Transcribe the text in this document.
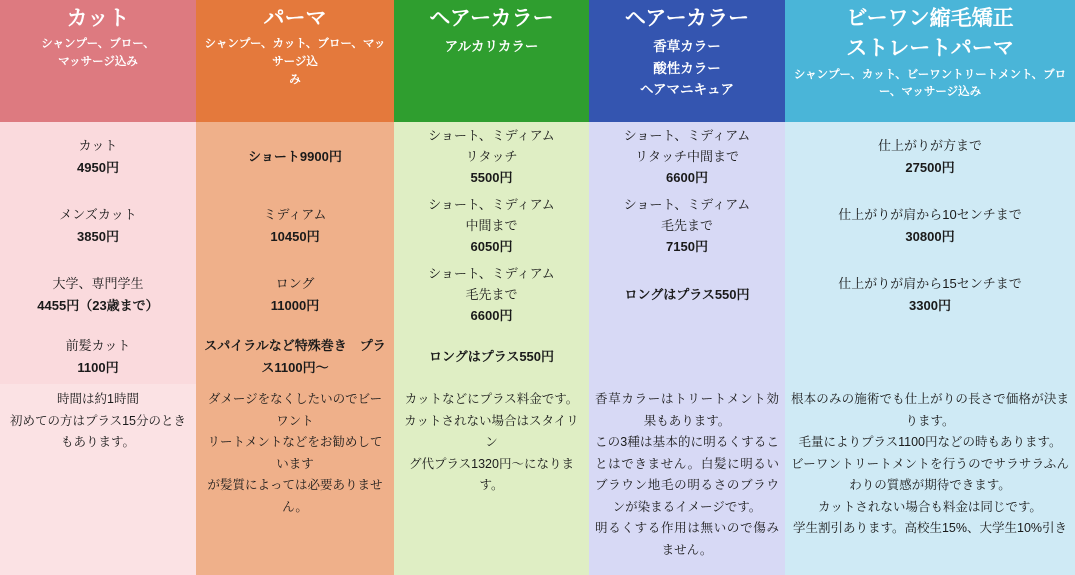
カット
シャンプー、ブロー、
マッサージ込み
パーマ
シャンプー、カット、ブロー、マッサージ込
み
ヘアーカラー
アルカリカラー
ヘアーカラー
香草カラー
酸性カラー
ヘアマニキュア
ビーワン縮毛矯正
ストレートパーマ
シャンプー、カット、ビーワントリートメント、ブロ
ー、マッサージ込み
カット
4950円
ショート9900円
ショート、ミディアム
リタッチ
5500円
ショート、ミディアム
リタッチ中間まで
6600円
仕上がりが方まで
27500円
メンズカット
3850円
ミディアム
10450円
ショート、ミディアム
中間まで
6050円
ショート、ミディアム
毛先まで
7150円
仕上がりが肩から10センチまで
30800円
大学、専門学生
4455円（23歳まで）
ロング
11000円
ショート、ミディアム
毛先まで
6600円
ロングはプラス550円
仕上がりが肩から15センチまで
3300円
前髪カット
1100円
スパイラルなど特殊巻き　プラス1100円～
ロングはプラス550円
時間は約1時間
初めての方はプラス15分のときもあります。
ダメージをなくしたいのでビーワント
リートメントなどをお勧めしています
が髪質によっては必要ありません。
カットなどにプラス料金です。
カットされない場合はスタイリン
グ代プラス1320円～になります。
香草カラーはトリートメント効果もあります。
この3種は基本的に明るくすることはできません。白髪に明るいブラウン地毛の明るさのブラウンが染まるイメージです。
明るくする作用は無いので傷みません。
根本のみの施術でも仕上がりの長さで価格が決まります。
毛量によりプラス1100円などの時もあります。
ビーワントリートメントを行うのでサラサラふんわりの質感が期待できます。
カットされない場合も料金は同じです。
学生割引あります。高校生15%、大学生10%引き
